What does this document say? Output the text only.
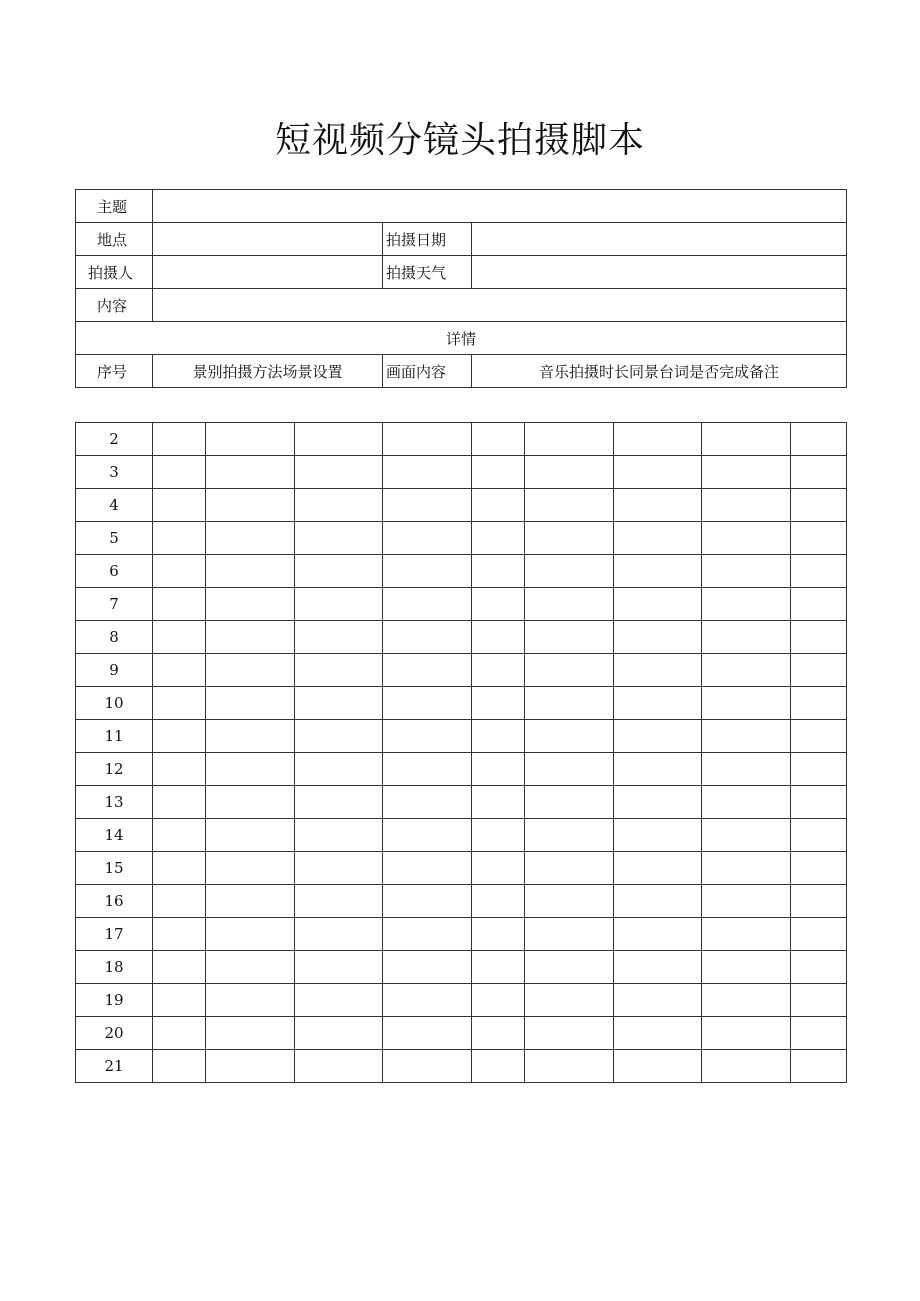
短视频分镜头拍摄脚本
主题			
地点		拍摄日期	
拍摄人		拍摄天气	
内容			
详情			
序号	景别拍摄方法场景设置	画面内容	音乐拍摄时长同景台词是否完成备注
2									
3									
4									
5									
6									
7									
8									
9									
10									
11									
12									
13									
14									
15									
16									
17									
18									
19									
20									
21									
